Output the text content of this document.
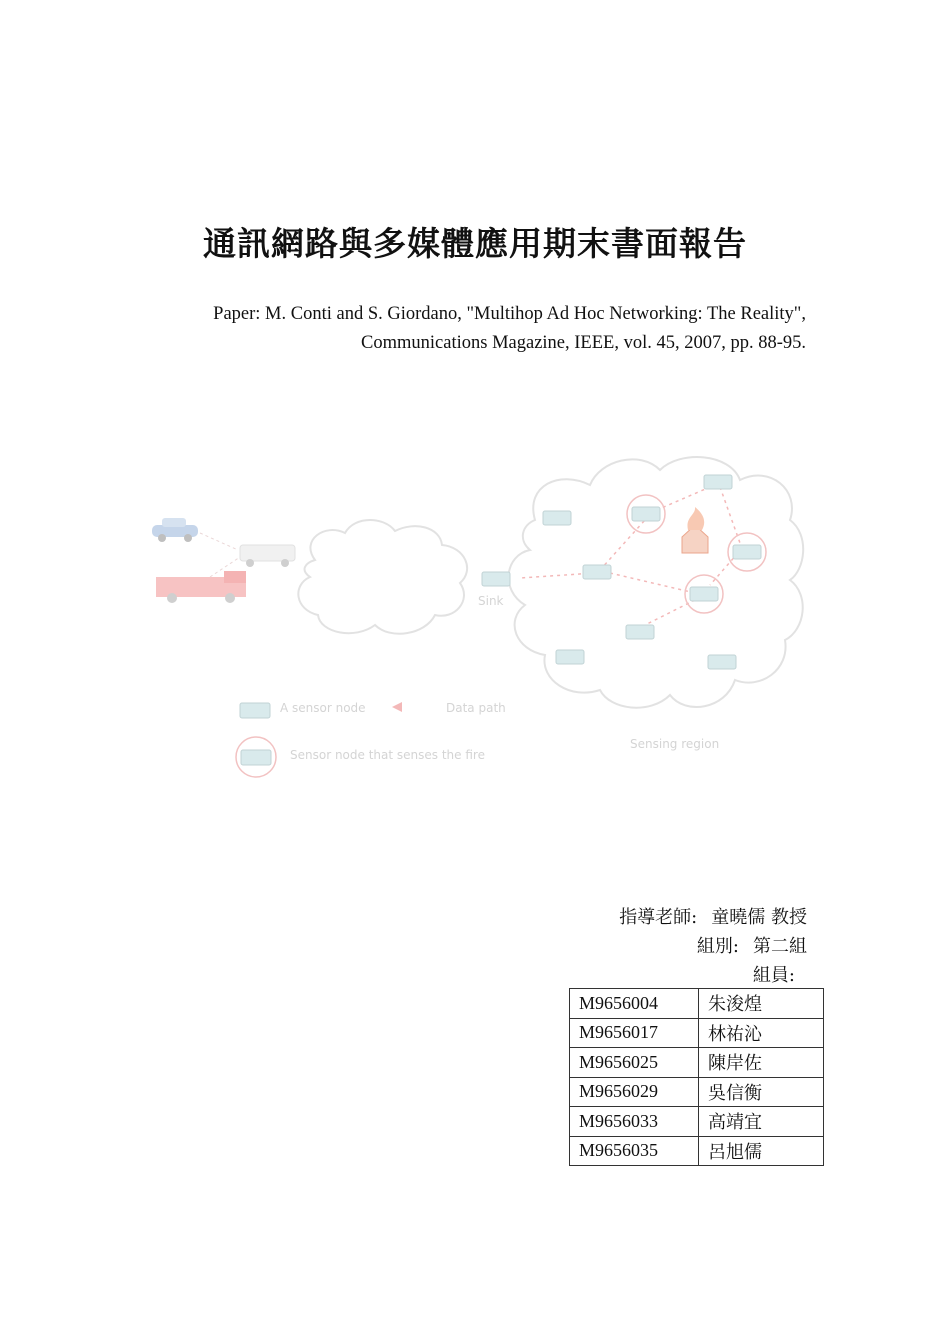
通訊網路與多媒體應用期末書面報告
Paper: M. Conti and S. Giordano, "Multihop Ad Hoc Networking: The Reality",
Communications Magazine, IEEE, vol. 45, 2007, pp. 88-95.
Sink
A sensor node	Data path
Sensor node that senses the fire
Sensing region
指導老師: 童曉儒 教授
組別: 第二組
組員:
M9656004	朱浚煌
M9656017	林祐沁
M9656025	陳岸佐
M9656029	吳信衡
M9656033	高靖宜
M9656035	呂旭儒
